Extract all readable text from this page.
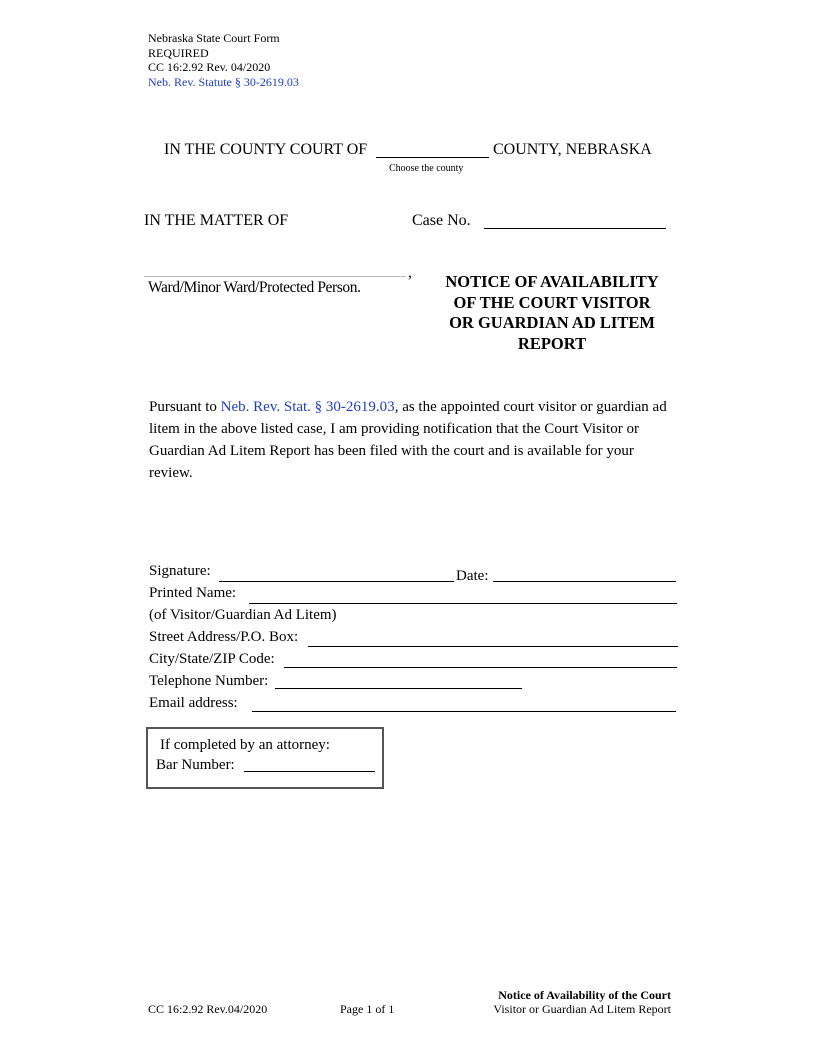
Nebraska State Court Form
REQUIRED
CC 16:2.92 Rev. 04/2020
Neb. Rev. Statute § 30-2619.03
IN THE COUNTY COURT OF	COUNTY, NEBRASKA
Choose the county
IN THE MATTER OF	Case No.
,
Ward/Minor Ward/Protected Person.	NOTICE OF AVAILABILITY
OF THE COURT VISITOR
OR GUARDIAN AD LITEM
REPORT
Pursuant to Neb. Rev. Stat. § 30-2619.03, as the appointed court visitor or guardian ad litem in the above listed case, I am providing notification that the Court Visitor or Guardian Ad Litem Report has been filed with the court and is available for your review.
Signature:	Date:
Printed Name:
(of Visitor/Guardian Ad Litem)
Street Address/P.O. Box:
City/State/ZIP Code:
Telephone Number:
Email address:
If completed by an attorney:
Bar Number:
CC 16:2.92 Rev.04/2020	Page 1 of 1
Notice of Availability of the Court
Visitor or Guardian Ad Litem Report
